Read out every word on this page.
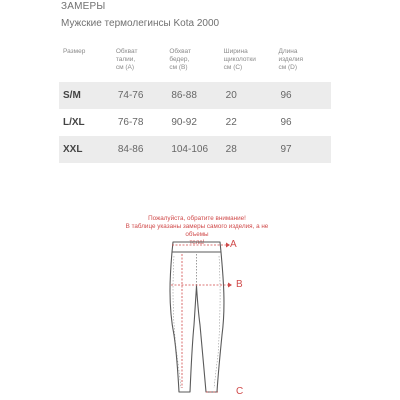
ЗАМЕРЫ
Мужские термолегинсы Kota 2000
Размер	Обхват
талии,
см (A)	Обхват
бедер,
см (B)	Ширина
щиколотки
см (C)	Длина
изделия
см (D)
S/M	74-76	86-88	20	96
L/XL	76-78	90-92	22	96
XXL	84-86	104-106	28	97
Пожалуйста, обратите внимание!
В таблице указаны замеры самого изделия, а не объемы
тела!	A
B
C
